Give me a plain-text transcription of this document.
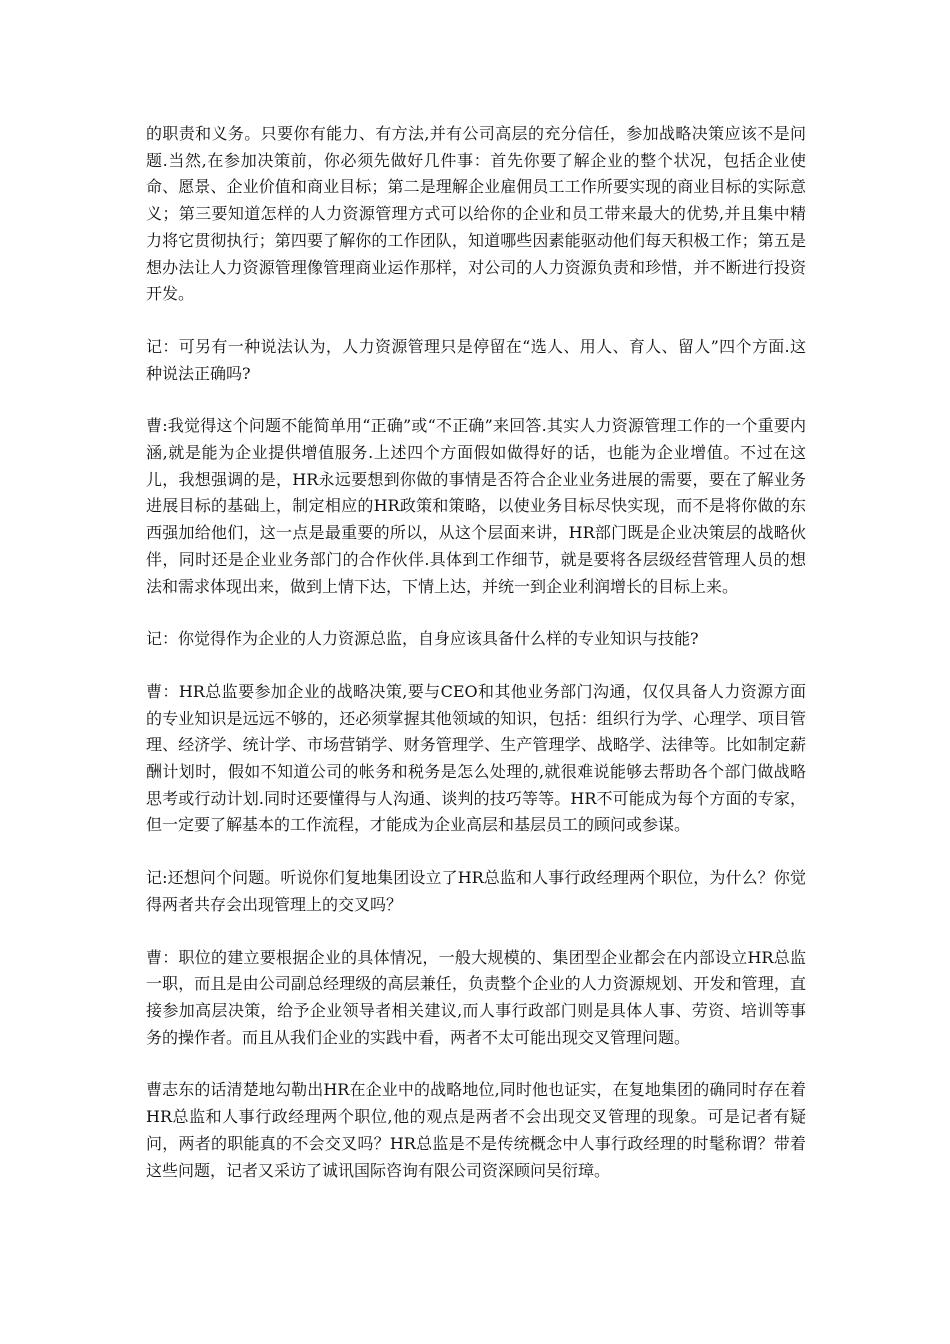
的职责和义务。只要你有能力、有方法,并有公司高层的充分信任，参加战略决策应该不是问题.当然,在参加决策前，你必须先做好几件事：首先你要了解企业的整个状况，包括企业使命、愿景、企业价值和商业目标；第二是理解企业雇佣员工工作所要实现的商业目标的实际意义；第三要知道怎样的人力资源管理方式可以给你的企业和员工带来最大的优势,并且集中精力将它贯彻执行；第四要了解你的工作团队，知道哪些因素能驱动他们每天积极工作；第五是想办法让人力资源管理像管理商业运作那样，对公司的人力资源负责和珍惜，并不断进行投资开发。

记：可另有一种说法认为，人力资源管理只是停留在“选人、用人、育人、留人”四个方面.这种说法正确吗?

曹:我觉得这个问题不能简单用“正确”或“不正确”来回答.其实人力资源管理工作的一个重要内涵,就是能为企业提供增值服务.上述四个方面假如做得好的话，也能为企业增值。不过在这儿，我想强调的是，HR永远要想到你做的事情是否符合企业业务进展的需要，要在了解业务进展目标的基础上，制定相应的HR政策和策略，以使业务目标尽快实现，而不是将你做的东西强加给他们，这一点是最重要的所以，从这个层面来讲，HR部门既是企业决策层的战略伙伴，同时还是企业业务部门的合作伙伴.具体到工作细节，就是要将各层级经营管理人员的想法和需求体现出来，做到上情下达，下情上达，并统一到企业利润增长的目标上来。

记：你觉得作为企业的人力资源总监，自身应该具备什么样的专业知识与技能?

曹：HR总监要参加企业的战略决策,要与CEO和其他业务部门沟通，仅仅具备人力资源方面的专业知识是远远不够的，还必须掌握其他领域的知识，包括：组织行为学、心理学、项目管理、经济学、统计学、市场营销学、财务管理学、生产管理学、战略学、法律等。比如制定薪酬计划时，假如不知道公司的帐务和税务是怎么处理的,就很难说能够去帮助各个部门做战略思考或行动计划.同时还要懂得与人沟通、谈判的技巧等等。HR不可能成为每个方面的专家，但一定要了解基本的工作流程，才能成为企业高层和基层员工的顾问或参谋。

记:还想问个问题。听说你们复地集团设立了HR总监和人事行政经理两个职位，为什么？你觉得两者共存会出现管理上的交叉吗？

曹：职位的建立要根据企业的具体情况，一般大规模的、集团型企业都会在内部设立HR总监一职，而且是由公司副总经理级的高层兼任，负责整个企业的人力资源规划、开发和管理，直接参加高层决策，给予企业领导者相关建议,而人事行政部门则是具体人事、劳资、培训等事务的操作者。而且从我们企业的实践中看，两者不太可能出现交叉管理问题。

曹志东的话清楚地勾勒出HR在企业中的战略地位,同时他也证实，在复地集团的确同时存在着HR总监和人事行政经理两个职位,他的观点是两者不会出现交叉管理的现象。可是记者有疑问，两者的职能真的不会交叉吗？HR总监是不是传统概念中人事行政经理的时髦称谓？带着这些问题，记者又采访了诚讯国际咨询有限公司资深顾问吴衍璋。
